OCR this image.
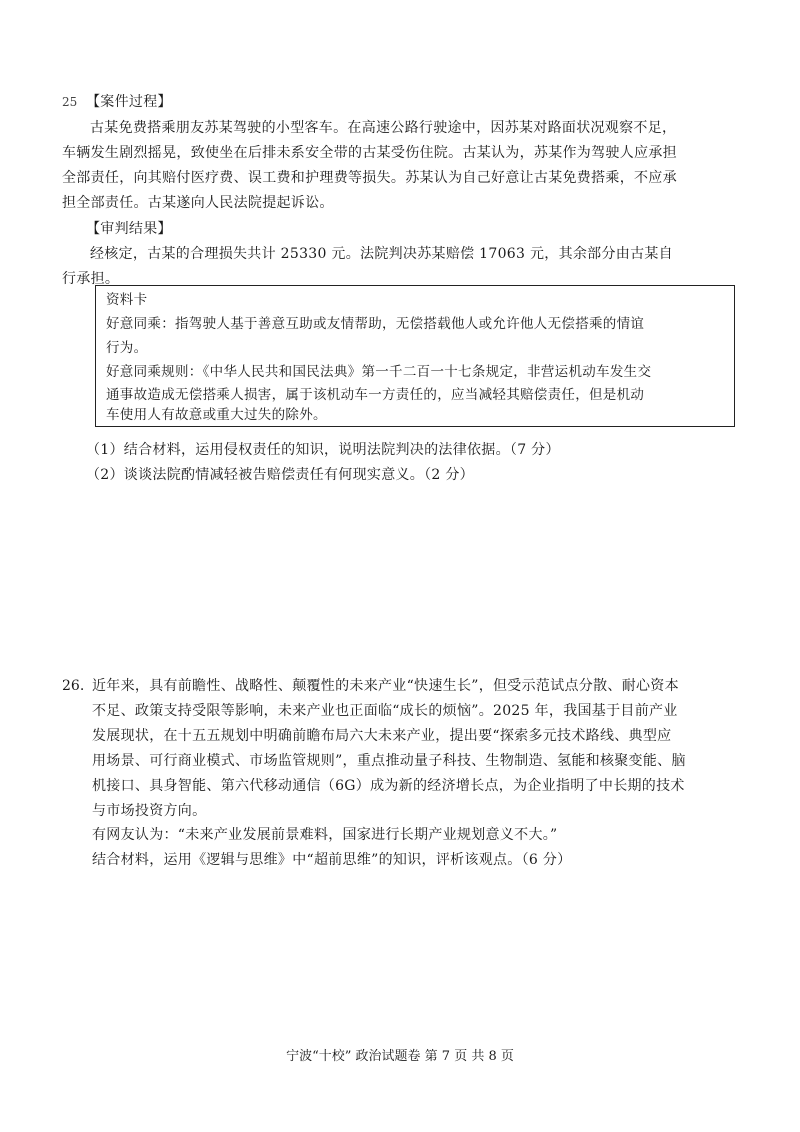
25 【案件过程】
古某免费搭乘朋友苏某驾驶的小型客车。在高速公路行驶途中，因苏某对路面状况观察不足，
车辆发生剧烈摇晃，致使坐在后排未系安全带的古某受伤住院。古某认为，苏某作为驾驶人应承担
全部责任，向其赔付医疗费、误工费和护理费等损失。苏某认为自己好意让古某免费搭乘，不应承
担全部责任。古某遂向人民法院提起诉讼。
【审判结果】
经核定，古某的合理损失共计 25330 元。法院判决苏某赔偿 17063 元，其余部分由古某自
行承担。
资料卡
好意同乘：指驾驶人基于善意互助或友情帮助，无偿搭载他人或允许他人无偿搭乘的情谊
行为。
好意同乘规则：《中华人民共和国民法典》第一千二百一十七条规定，非营运机动车发生交
通事故造成无偿搭乘人损害，属于该机动车一方责任的，应当减轻其赔偿责任，但是机动
车使用人有故意或重大过失的除外。
（1）结合材料，运用侵权责任的知识，说明法院判决的法律依据。（7 分）
（2）谈谈法院酌情减轻被告赔偿责任有何现实意义。（2 分）
26. 近年来，具有前瞻性、战略性、颠覆性的未来产业“快速生长”，但受示范试点分散、耐心资本
不足、政策支持受限等影响，未来产业也正面临“成长的烦恼”。2025 年，我国基于目前产业
发展现状，在十五五规划中明确前瞻布局六大未来产业，提出要“探索多元技术路线、典型应
用场景、可行商业模式、市场监管规则”，重点推动量子科技、生物制造、氢能和核聚变能、脑
机接口、具身智能、第六代移动通信（6G）成为新的经济增长点，为企业指明了中长期的技术
与市场投资方向。
有网友认为：“未来产业发展前景难料，国家进行长期产业规划意义不大。”
结合材料，运用《逻辑与思维》中“超前思维”的知识，评析该观点。（6 分）
宁波“十校” 政治试题卷 第 7 页 共 8 页
